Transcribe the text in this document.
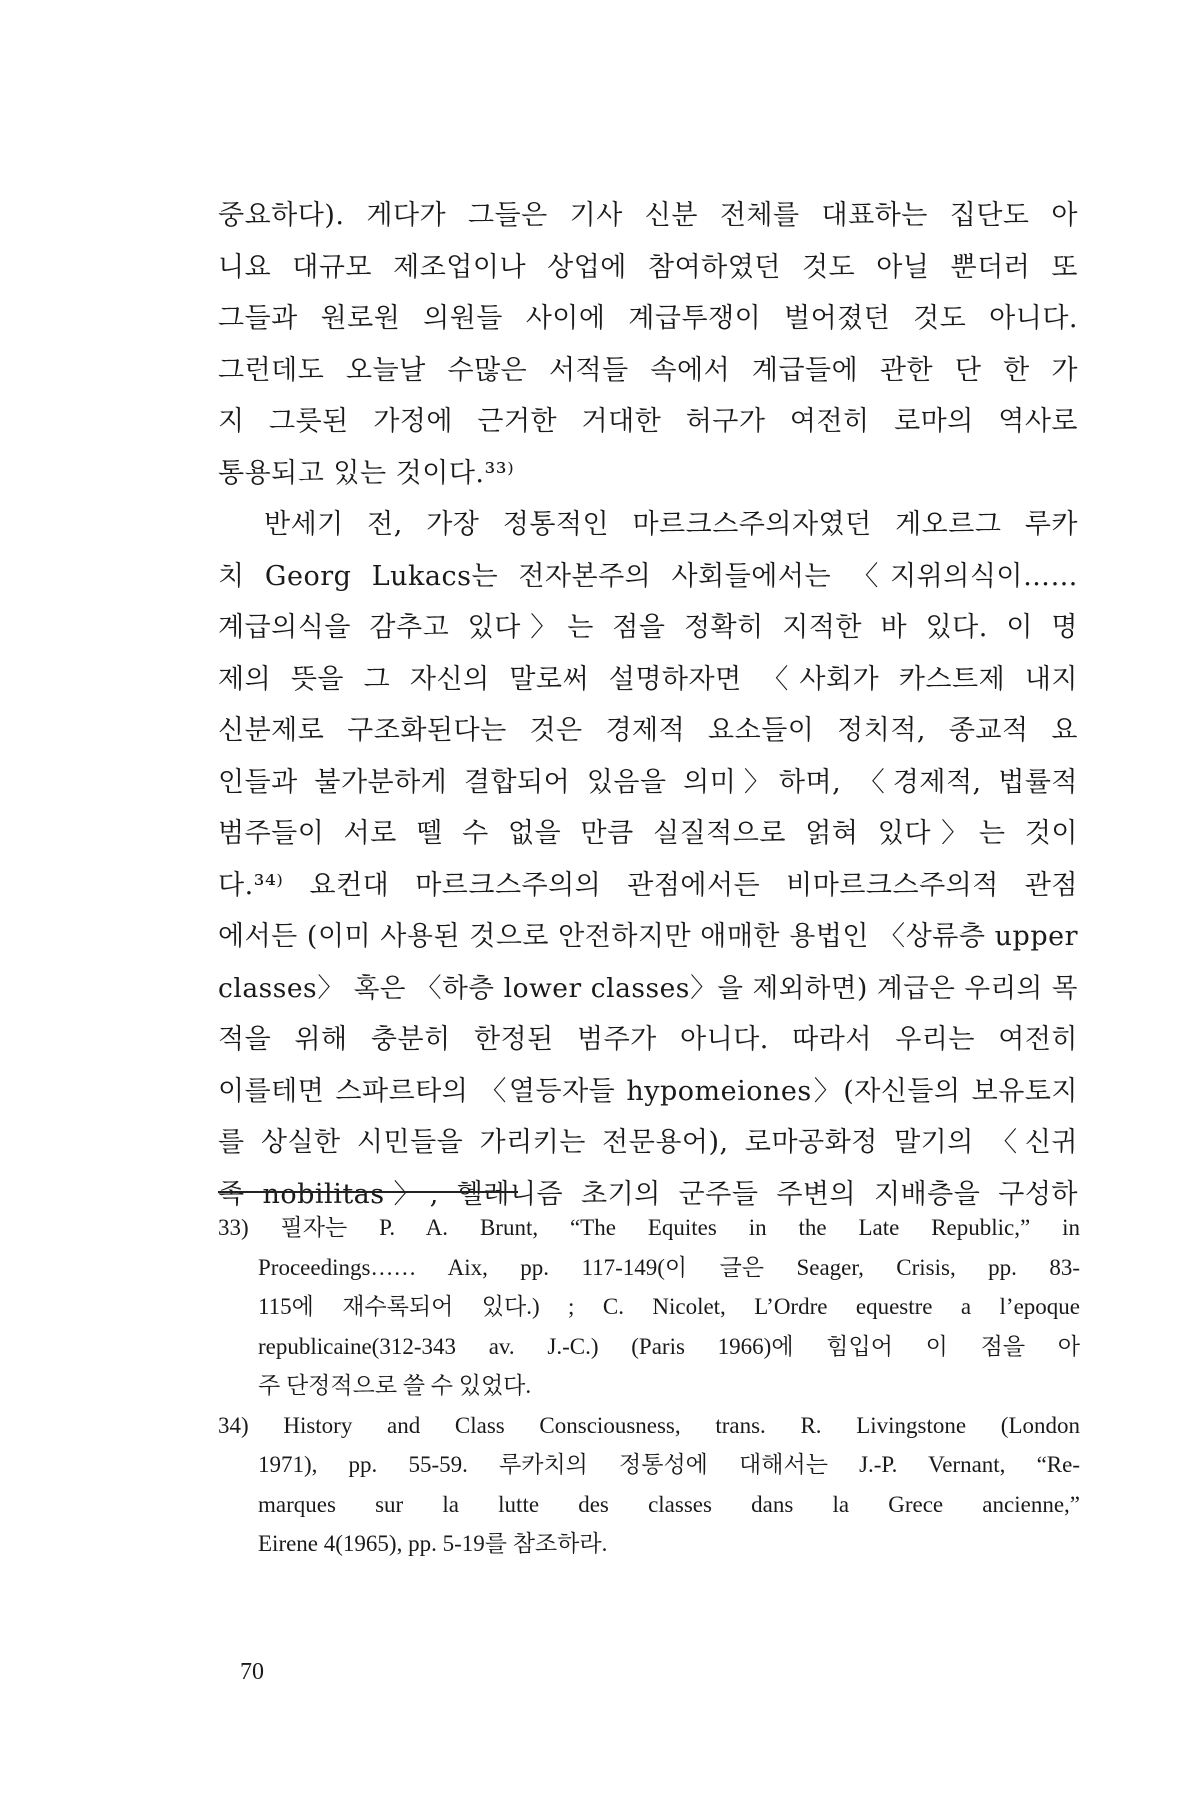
중요하다). 게다가 그들은 기사 신분 전체를 대표하는 집단도 아
니요 대규모 제조업이나 상업에 참여하였던 것도 아닐 뿐더러 또
그들과 원로원 의원들 사이에 계급투쟁이 벌어졌던 것도 아니다.
그런데도 오늘날 수많은 서적들 속에서 계급들에 관한 단 한 가
지 그릇된 가정에 근거한 거대한 허구가 여전히 로마의 역사로
통용되고 있는 것이다.³³⁾
반세기 전, 가장 정통적인 마르크스주의자였던 게오르그 루카
치 Georg Lukacs는 전자본주의 사회들에서는 〈지위의식이……
계급의식을 감추고 있다〉는 점을 정확히 지적한 바 있다. 이 명
제의 뜻을 그 자신의 말로써 설명하자면 〈사회가 카스트제 내지
신분제로 구조화된다는 것은 경제적 요소들이 정치적, 종교적 요
인들과 불가분하게 결합되어 있음을 의미〉하며, 〈경제적, 법률적
범주들이 서로 뗄 수 없을 만큼 실질적으로 얽혀 있다〉는 것이
다.³⁴⁾ 요컨대 마르크스주의의 관점에서든 비마르크스주의적 관점
에서든 (이미 사용된 것으로 안전하지만 애매한 용법인 〈상류층 upper
classes〉 혹은 〈하층 lower classes〉을 제외하면) 계급은 우리의 목
적을 위해 충분히 한정된 범주가 아니다. 따라서 우리는 여전히
이를테면 스파르타의 〈열등자들 hypomeiones〉(자신들의 보유토지
를 상실한 시민들을 가리키는 전문용어), 로마공화정 말기의 〈신귀
족 nobilitas〉, 헬레니즘 초기의 군주들 주변의 지배층을 구성하
33) 필자는 P. A. Brunt, “The Equites in the Late Republic,” in
Proceedings…… Aix, pp. 117-149(이 글은 Seager, Crisis, pp. 83-
115에 재수록되어 있다.) ; C. Nicolet, L’Ordre equestre a l’epoque
republicaine(312-343 av. J.-C.) (Paris 1966)에 힘입어 이 점을 아
주 단정적으로 쓸 수 있었다.
34) History and Class Consciousness, trans. R. Livingstone (London
1971), pp. 55-59. 루카치의 정통성에 대해서는 J.-P. Vernant, “Re-
marques sur la lutte des classes dans la Grece ancienne,”
Eirene 4(1965), pp. 5-19를 참조하라.
70
